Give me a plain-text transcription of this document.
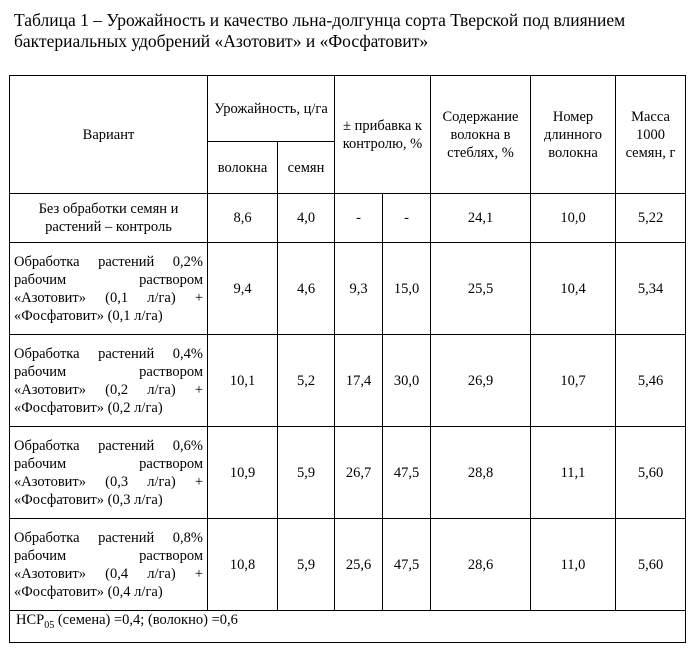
Таблица 1 – Урожайность и качество льна-долгунца сорта Тверской под влиянием бактериальных удобрений «Азотовит» и «Фосфатовит»
Вариант	Урожайность, ц/га		± прибавка к контролю, %		Содержание волокна в стеблях, %	Номер длинного волокна	Масса 1000 семян, г
	волокна	семян					
Без обработки семян и растений – контроль	8,6	4,0	-	-	24,1	10,0	5,22
Обработка растений 0,2% рабочим раствором «Азотовит» (0,1 л/га) + «Фосфатовит» (0,1 л/га)	9,4	4,6	9,3	15,0	25,5	10,4	5,34
Обработка растений 0,4% рабочим раствором «Азотовит» (0,2 л/га) + «Фосфатовит» (0,2 л/га)	10,1	5,2	17,4	30,0	26,9	10,7	5,46
Обработка растений 0,6% рабочим раствором «Азотовит» (0,3 л/га) + «Фосфатовит» (0,3 л/га)	10,9	5,9	26,7	47,5	28,8	11,1	5,60
Обработка растений 0,8% рабочим раствором «Азотовит» (0,4 л/га) + «Фосфатовит» (0,4 л/га)	10,8	5,9	25,6	47,5	28,6	11,0	5,60
$НСР_{05}$ (семена) =0,4; (волокно) =0,6							
